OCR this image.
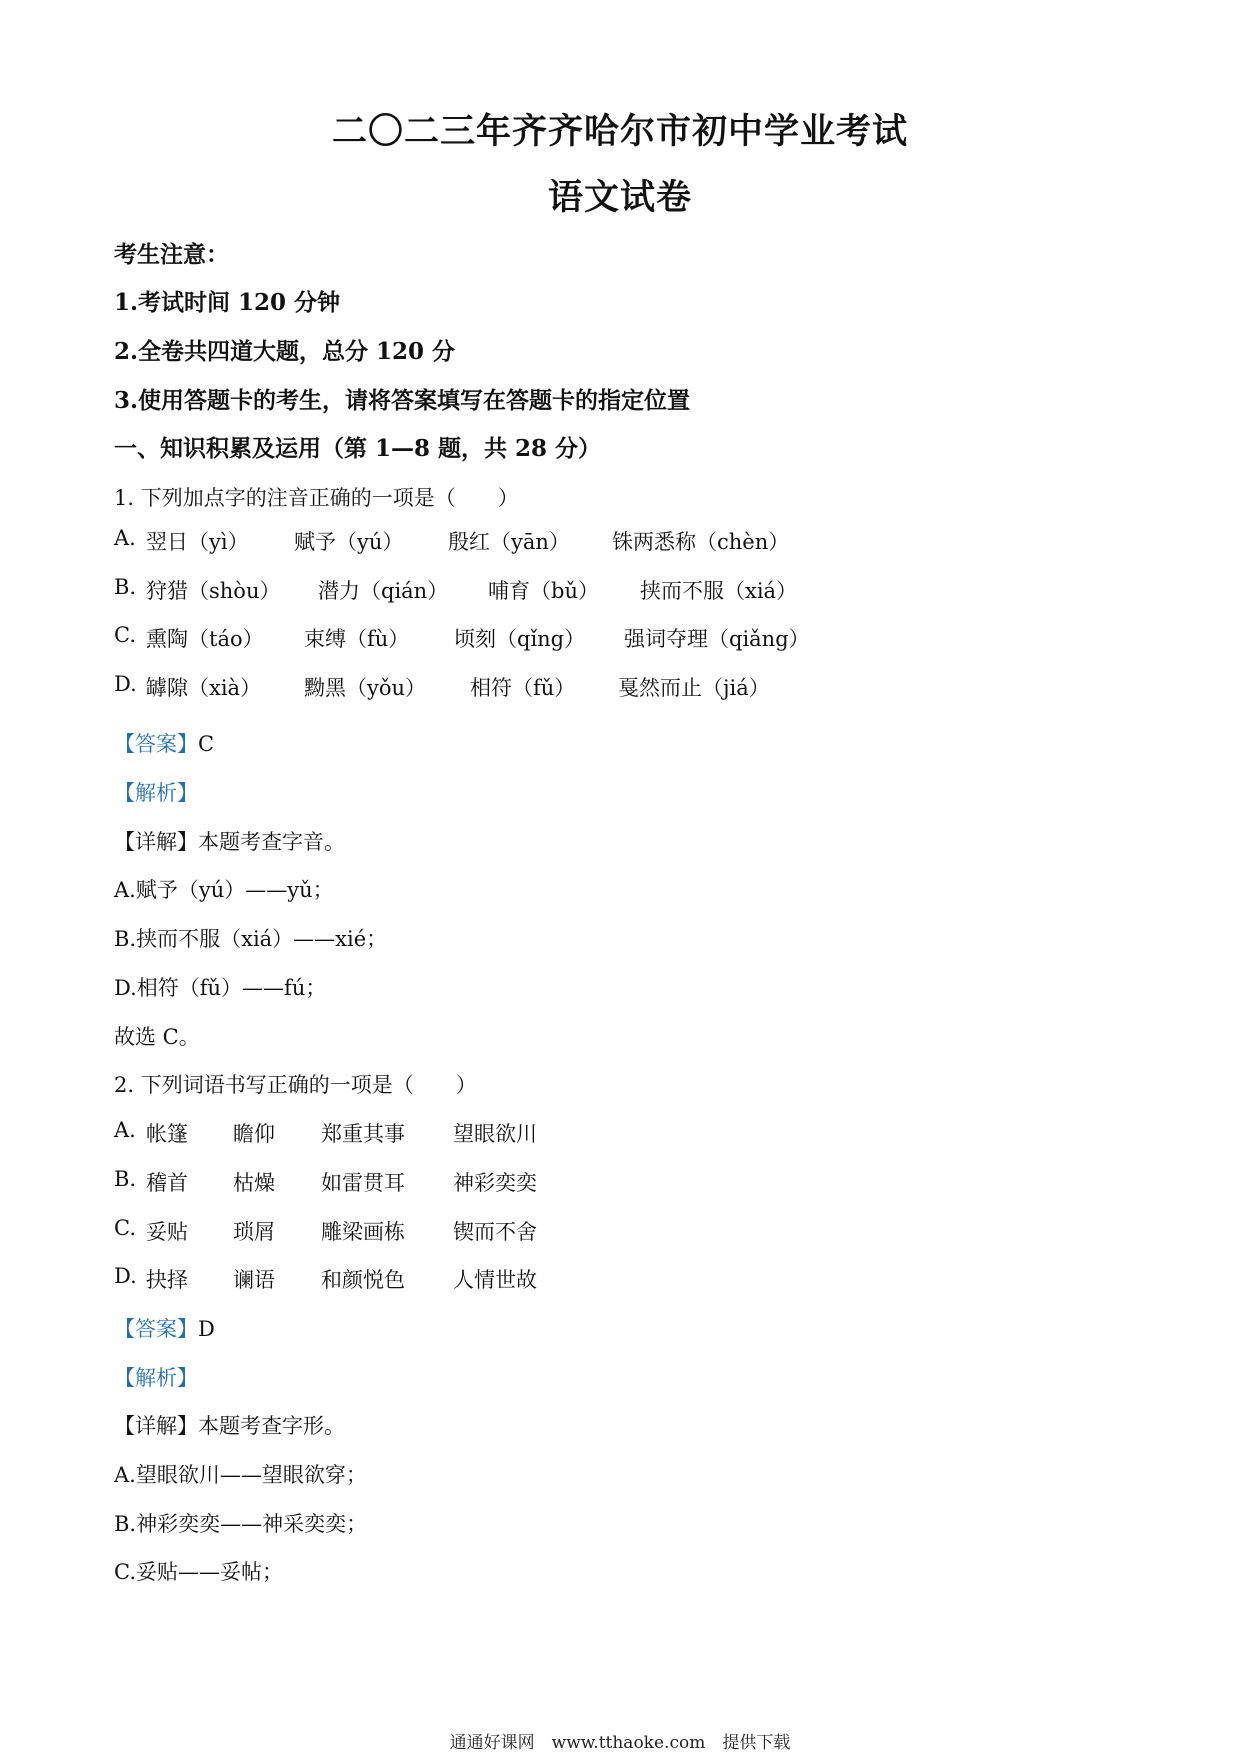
二〇二三年齐齐哈尔市初中学业考试
语文试卷
考生注意：
1.考试时间 120 分钟
2.全卷共四道大题，总分 120 分
3.使用答题卡的考生，请将答案填写在答题卡的指定位置
一、知识积累及运用（第 1—8 题，共 28 分）
1. 下列加点字的注音正确的一项是（　　）
A. 翌日（yì） 赋予（yú） 殷红（yān） 铢两悉称（chèn）
B. 狩猎（shòu） 潜力（qián） 哺育（bǔ） 挟而不服（xiá）
C. 熏陶（táo） 束缚（fù） 顷刻（qǐng） 强词夺理（qiǎng）
D. 罅隙（xià） 黝黑（yǒu） 相符（fǔ） 戛然而止（jiá）
【答案】C
【解析】
【详解】本题考查字音。
A.赋予（yú）——yǔ；
B.挟而不服（xiá）——xié；
D.相符（fǔ）——fú；
故选 C。
2. 下列词语书写正确的一项是（　　）
A. 帐篷 瞻仰 郑重其事 望眼欲川
B. 稽首 枯燥 如雷贯耳 神彩奕奕
C. 妥贴 琐屑 雕梁画栋 锲而不舍
D. 抉择 谰语 和颜悦色 人情世故
【答案】D
【解析】
【详解】本题考查字形。
A.望眼欲川——望眼欲穿；
B.神彩奕奕——神采奕奕；
C.妥贴——妥帖；
通通好课网　www.tthaoke.com　提供下载
